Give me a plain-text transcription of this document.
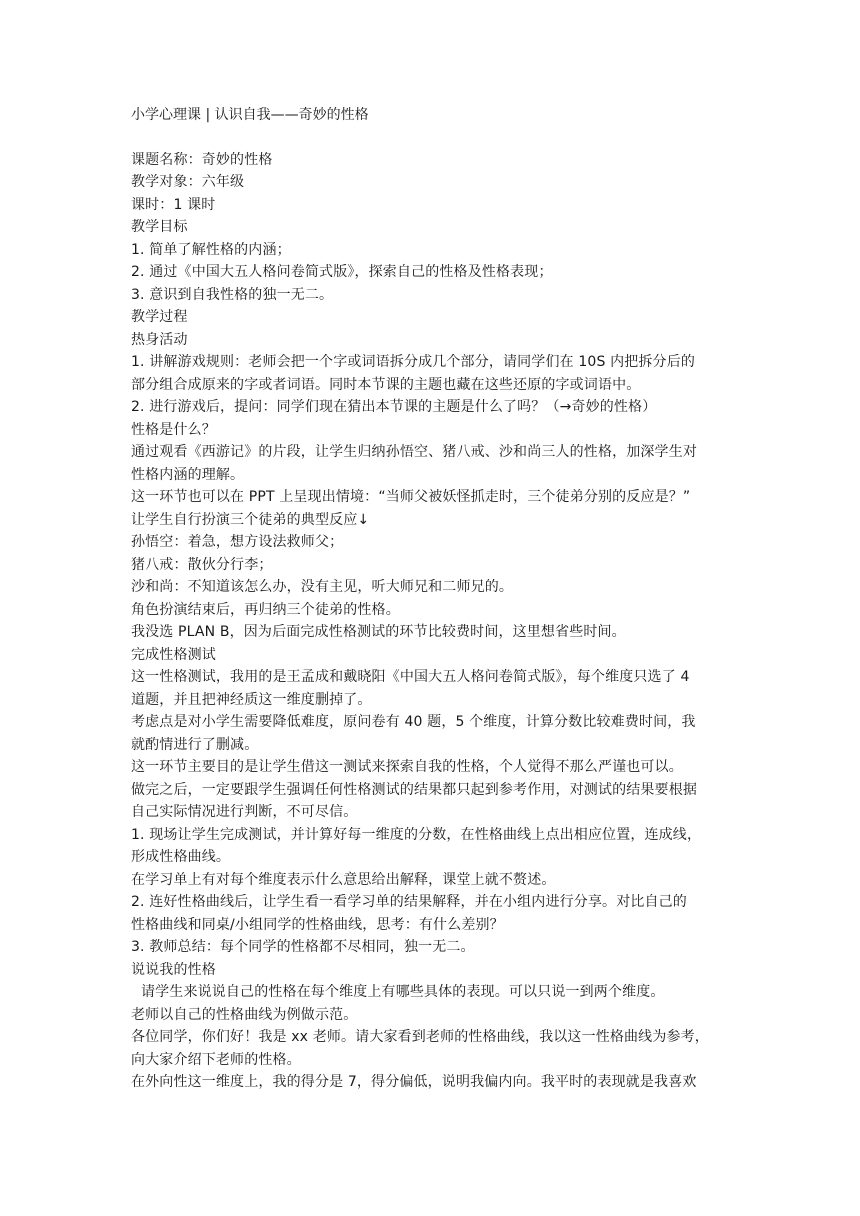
小学心理课 | 认识自我——奇妙的性格
课题名称：奇妙的性格
教学对象：六年级
课时：1 课时
教学目标
1. 简单了解性格的内涵；
2. 通过《中国大五人格问卷简式版》，探索自己的性格及性格表现；
3. 意识到自我性格的独一无二。
教学过程
热身活动
1. 讲解游戏规则：老师会把一个字或词语拆分成几个部分，请同学们在 10S 内把拆分后的
部分组合成原来的字或者词语。同时本节课的主题也藏在这些还原的字或词语中。
2. 进行游戏后，提问：同学们现在猜出本节课的主题是什么了吗？（→奇妙的性格）
性格是什么？
通过观看《西游记》的片段，让学生归纳孙悟空、猪八戒、沙和尚三人的性格，加深学生对
性格内涵的理解。
这一环节也可以在 PPT 上呈现出情境：“当师父被妖怪抓走时，三个徒弟分别的反应是？”
让学生自行扮演三个徒弟的典型反应↓
孙悟空：着急，想方设法救师父；
猪八戒：散伙分行李；
沙和尚：不知道该怎么办，没有主见，听大师兄和二师兄的。
角色扮演结束后，再归纳三个徒弟的性格。
我没选 PLAN B，因为后面完成性格测试的环节比较费时间，这里想省些时间。
完成性格测试
这一性格测试，我用的是王孟成和戴晓阳《中国大五人格问卷简式版》，每个维度只选了 4
道题，并且把神经质这一维度删掉了。
考虑点是对小学生需要降低难度，原问卷有 40 题，5 个维度，计算分数比较难费时间，我
就酌情进行了删减。
这一环节主要目的是让学生借这一测试来探索自我的性格，个人觉得不那么严谨也可以。
做完之后，一定要跟学生强调任何性格测试的结果都只起到参考作用，对测试的结果要根据
自己实际情况进行判断，不可尽信。
1. 现场让学生完成测试，并计算好每一维度的分数，在性格曲线上点出相应位置，连成线，
形成性格曲线。
在学习单上有对每个维度表示什么意思给出解释，课堂上就不赘述。
2. 连好性格曲线后，让学生看一看学习单的结果解释，并在小组内进行分享。对比自己的
性格曲线和同桌/小组同学的性格曲线，思考：有什么差别？
3. 教师总结：每个同学的性格都不尽相同，独一无二。
说说我的性格
请学生来说说自己的性格在每个维度上有哪些具体的表现。可以只说一到两个维度。
老师以自己的性格曲线为例做示范。
各位同学，你们好！我是 xx 老师。请大家看到老师的性格曲线，我以这一性格曲线为参考，
向大家介绍下老师的性格。
在外向性这一维度上，我的得分是 7，得分偏低，说明我偏内向。我平时的表现就是我喜欢
